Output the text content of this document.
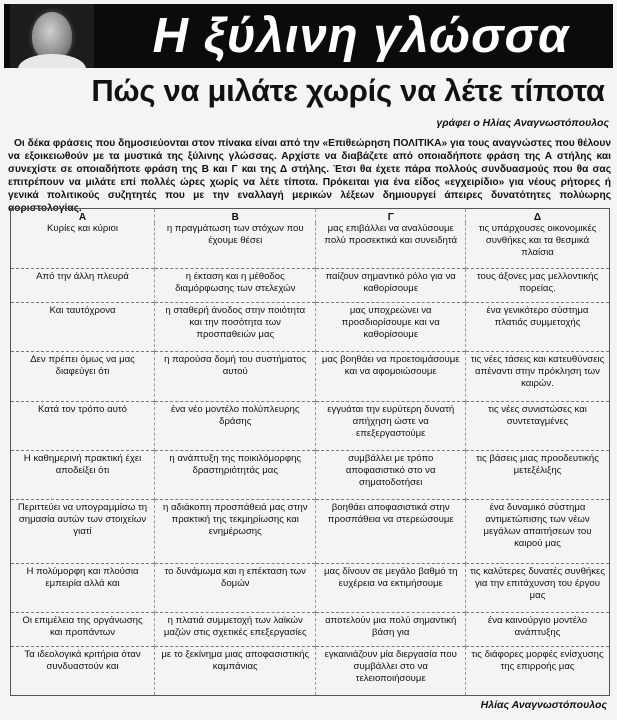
Η ξύλινη γλώσσα
Πώς να μιλάτε χωρίς να λέτε τίποτα
γράφει ο Ηλίας Αναγνωστόπουλος
Οι δέκα φράσεις που δημοσιεύονται στον πίνακα είναι από την «Επιθεώρηση ΠΟΛΙΤΙΚΑ» για τους αναγνώστες που θέλουν να εξοικειωθούν με τα μυστικά της ξύλινης γλώσσας. Αρχίστε να διαβάζετε από οποιαδήποτε φράση της Α στήλης και συνεχίστε σε οποιαδήποτε φράση της Β και Γ και της Δ στήλης. Έτσι θα έχετε πάρα πολλούς συνδυασμούς που θα σας επιτρέπουν να μιλάτε επί πολλές ώρες χωρίς να λέτε τίποτα. Πρόκειται για ένα είδος «εγχειρίδιο» για νέους ρήτορες ή γενικά πολιτικούς συζητητές που με την εναλλαγή μερικών λέξεων δημιουργεί άπειρες δυνατότητες πολύωρης αοριστολογίας.
Α	Β	Γ	Δ
Κυρίες και κύριοι	η πραγμάτωση των στόχων που έχουμε θέσει	μας επιβάλλει να αναλύσουμε πολύ προσεκτικά και συνειδητά	τις υπάρχουσες οικονομικές συνθήκες και τα θεσμικά πλαίσια
Από την άλλη πλευρά	η έκταση και η μέθοδος διαμόρφωσης των στελεχών	παίζουν σημαντικό ρόλο για να καθορίσουμε	τους άξονες μας μελλοντικής πορείας.
Και ταυτόχρονα	η σταθερή άνοδος στην ποιότητα και την ποσότητα των προσπαθειών μας	μας υποχρεώνει να προσδιορίσουμε και να καθορίσουμε	ένα γενικότερο σύστημα πλατιάς συμμετοχής
Δεν πρέπει όμως να μας διαφεύγει ότι	η παρούσα δομή του συστήματος αυτού	μας βοηθάει να προετοιμάσουμε και να αφομοιώσουμε	τις νέες τάσεις και κατευθύνσεις απέναντι στην πρόκληση των καιρών.
Κατά τον τρόπο αυτό	ένα νέο μοντέλο πολύπλευρης δράσης	εγγυάται την ευρύτερη δυνατή απήχηση ώστε να επεξεργαστούμε	τις νέες συνιστώσες και συντεταγμένες
Η καθημερινή πρακτική έχει αποδείξει ότι	η ανάπτυξη της ποικιλόμορφης δραστηριότητάς μας	συμβάλλει με τρόπο αποφασιστικό στο να σηματοδοτήσει	τις βάσεις μιας προοδευτικής μετεξέλιξης
Περιττεύει να υπογραμμίσω τη σημασία αυτών των στοιχείων γιατί	η αδιάκοπη προσπάθειά μας στην πρακτική της τεκμηρίωσης και ενημέρωσης	βοηθάει αποφασιστικά στην προσπάθεια να στερεώσουμε	ένα δυναμικό σύστημα αντιμετώπισης των νέων μεγάλων απαιτήσεων του καιρού μας
Η πολύμορφη και πλούσια εμπειρία αλλά και	το δυνάμωμα και η επέκταση των δομών	μας δίνουν σε μεγάλο βαθμό τη ευχέρεια να εκτιμήσουμε	τις καλύτερες δυνατές συνθήκες για την επιτάχυνση του έργου μας
Οι επιμέλεια της οργάνωσης και προπάντων	η πλατιά συμμετοχή των λαϊκών μαζών στις σχετικές επεξεργασίες	αποτελούν μια πολύ σημαντική βάση για	ένα καινούργιο μοντέλο ανάπτυξης
Τα ιδεολογικά κριτήρια όταν συνδυαστούν και	με το ξεκίνημα μιας αποφασιστικής καμπάνιας	εγκαινιάζουν μία διεργασία που συμβάλλει στο να τελειοποιήσουμε	τις διάφορες μορφές ενίσχυσης της επιρροής μας
Ηλίας Αναγνωστόπουλος
